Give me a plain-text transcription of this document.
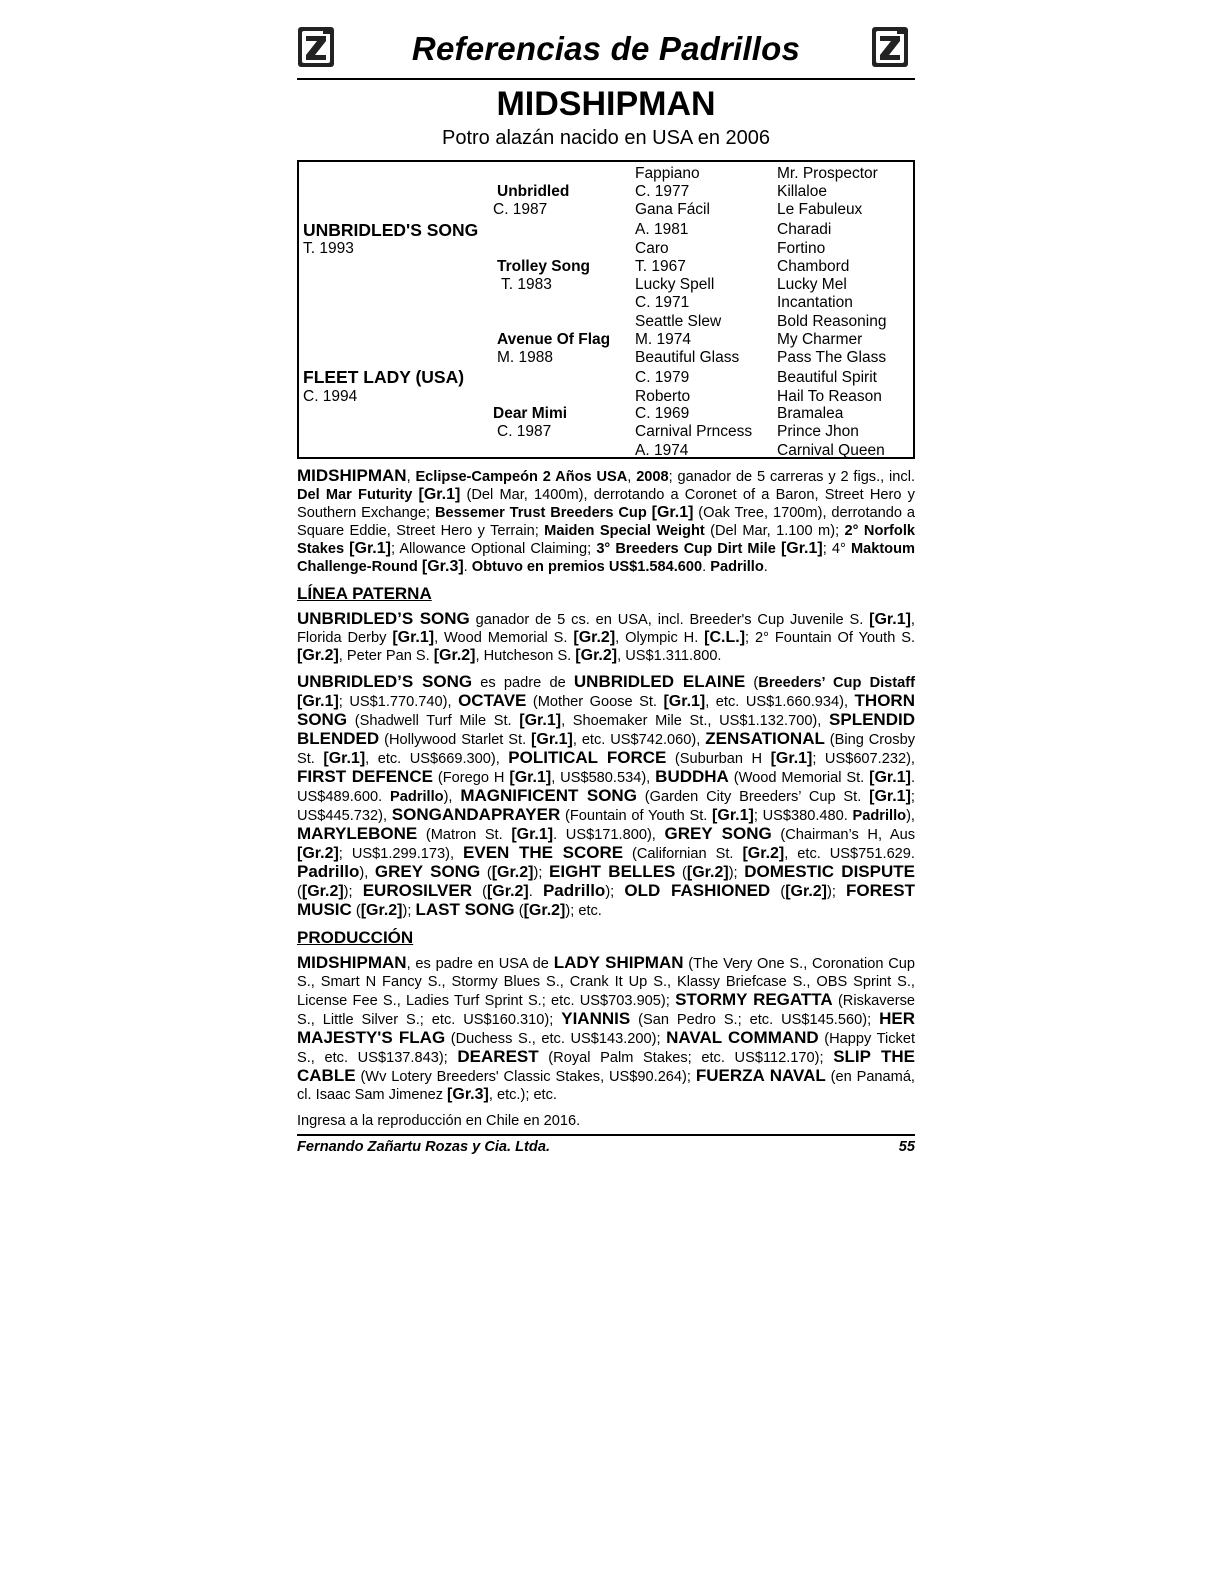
Referencias de Padrillos
MIDSHIPMAN
Potro alazán nacido en USA en 2006
UNBRIDLED'S SONG
T. 1993
FLEET LADY (USA)
C. 1994
Unbridled
C. 1987
Trolley Song
T. 1983
Avenue Of Flag
M. 1988
Dear Mimi
C. 1987
Fappiano
C. 1977
Gana Fácil
A. 1981
Caro
T. 1967
Lucky Spell
C. 1971
Seattle Slew
M. 1974
Beautiful Glass
C. 1979
Roberto
C. 1969
Carnival Prncess
A. 1974
Mr. Prospector
Killaloe
Le Fabuleux
Charadi
Fortino
Chambord
Lucky Mel
Incantation
Bold Reasoning
My Charmer
Pass The Glass
Beautiful Spirit
Hail To Reason
Bramalea
Prince Jhon
Carnival Queen
MIDSHIPMAN, Eclipse-Campeón 2 Años USA, 2008; ganador de 5 carreras y 2 figs., incl. Del Mar Futurity [Gr.1] (Del Mar, 1400m), derrotando a Coronet of a Baron, Street Hero y Southern Exchange; Bessemer Trust Breeders Cup [Gr.1] (Oak Tree, 1700m), derrotando a Square Eddie, Street Hero y Terrain; Maiden Special Weight (Del Mar, 1.100 m); 2° Norfolk Stakes [Gr.1]; Allowance Optional Claiming; 3° Breeders Cup Dirt Mile [Gr.1]; 4° Maktoum Challenge-Round [Gr.3]. Obtuvo en premios US$1.584.600. Padrillo.
LÍNEA PATERNA
UNBRIDLED’S SONG ganador de 5 cs. en USA, incl. Breeder's Cup Juvenile S. [Gr.1], Florida Derby [Gr.1], Wood Memorial S. [Gr.2], Olympic H. [C.L.]; 2° Fountain Of Youth S. [Gr.2], Peter Pan S. [Gr.2], Hutcheson S. [Gr.2], US$1.311.800.
UNBRIDLED’S SONG es padre de UNBRIDLED ELAINE (Breeders’ Cup Distaff [Gr.1]; US$1.770.740), OCTAVE (Mother Goose St. [Gr.1], etc. US$1.660.934), THORN SONG (Shadwell Turf Mile St. [Gr.1], Shoemaker Mile St., US$1.132.700), SPLENDID BLENDED (Hollywood Starlet St. [Gr.1], etc. US$742.060), ZENSATIONAL (Bing Crosby St. [Gr.1], etc. US$669.300), POLITICAL FORCE (Suburban H [Gr.1]; US$607.232), FIRST DEFENCE (Forego H [Gr.1], US$580.534), BUDDHA (Wood Memorial St. [Gr.1]. US$489.600. Padrillo), MAGNIFICENT SONG (Garden City Breeders’ Cup St. [Gr.1]; US$445.732), SONGANDAPRAYER (Fountain of Youth St. [Gr.1]; US$380.480. Padrillo), MARYLEBONE (Matron St. [Gr.1]. US$171.800), GREY SONG (Chairman’s H, Aus [Gr.2]; US$1.299.173), EVEN THE SCORE (Californian St. [Gr.2], etc. US$751.629. Padrillo), GREY SONG ([Gr.2]); EIGHT BELLES ([Gr.2]); DOMESTIC DISPUTE ([Gr.2]); EUROSILVER ([Gr.2]. Padrillo); OLD FASHIONED ([Gr.2]); FOREST MUSIC ([Gr.2]); LAST SONG ([Gr.2]); etc.
PRODUCCIÓN
MIDSHIPMAN, es padre en USA de LADY SHIPMAN (The Very One S., Coronation Cup S., Smart N Fancy S., Stormy Blues S., Crank It Up S., Klassy Briefcase S., OBS Sprint S., License Fee S., Ladies Turf Sprint S.; etc. US$703.905); STORMY REGATTA (Riskaverse S., Little Silver S.; etc. US$160.310); YIANNIS (San Pedro S.; etc. US$145.560); HER MAJESTY'S FLAG (Duchess S., etc. US$143.200); NAVAL COMMAND (Happy Ticket S., etc. US$137.843); DEAREST (Royal Palm Stakes; etc. US$112.170); SLIP THE CABLE (Wv Lotery Breeders' Classic Stakes, US$90.264); FUERZA NAVAL (en Panamá, cl. Isaac Sam Jimenez [Gr.3], etc.); etc.
Ingresa a la reproducción en Chile en 2016.
Fernando Zañartu Rozas y Cia. Ltda.	55
